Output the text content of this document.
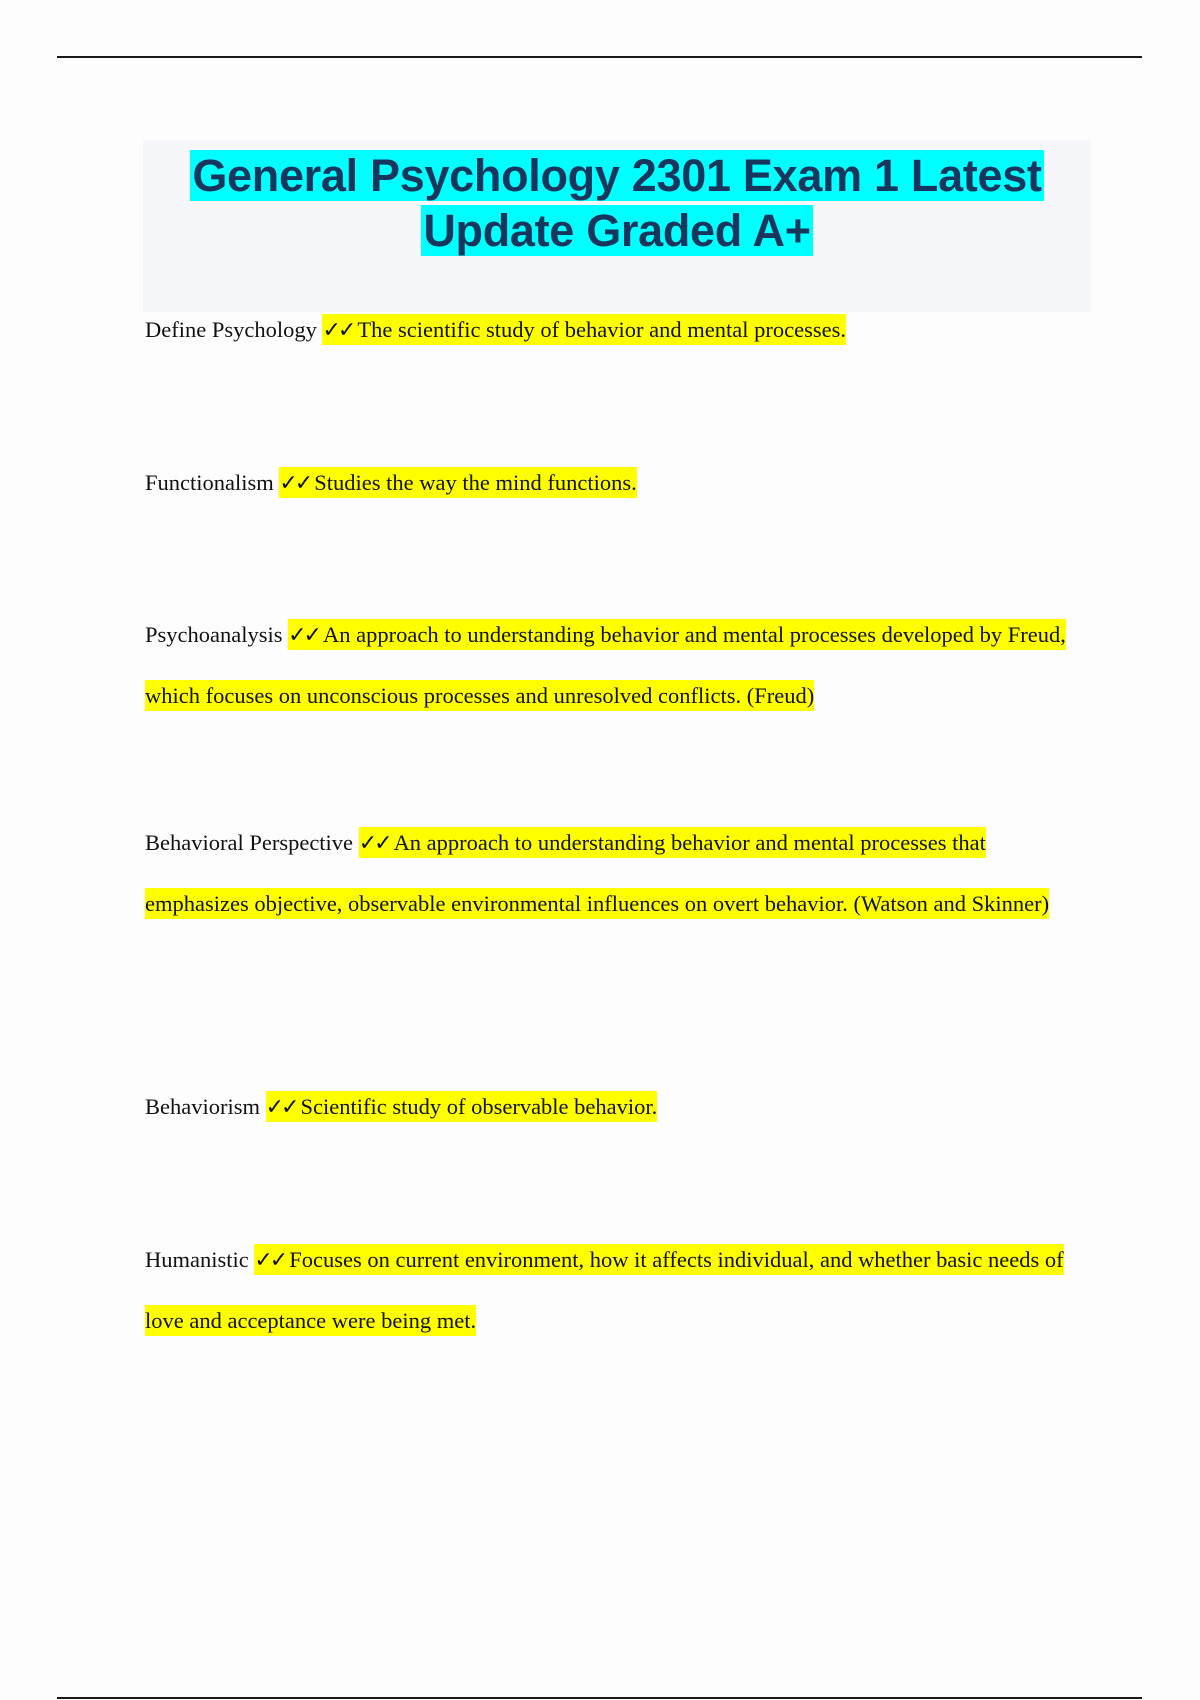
General Psychology 2301 Exam 1 Latest
Update Graded A+

Define Psychology ✓✓ The scientific study of behavior and mental processes.

Functionalism ✓✓ Studies the way the mind functions.

Psychoanalysis ✓✓ An approach to understanding behavior and mental processes developed by Freud, which focuses on unconscious processes and unresolved conflicts. (Freud)

Behavioral Perspective ✓✓ An approach to understanding behavior and mental processes that emphasizes objective, observable environmental influences on overt behavior. (Watson and Skinner)

Behaviorism ✓✓ Scientific study of observable behavior.

Humanistic ✓✓ Focuses on current environment, how it affects individual, and whether basic needs of love and acceptance were being met.
